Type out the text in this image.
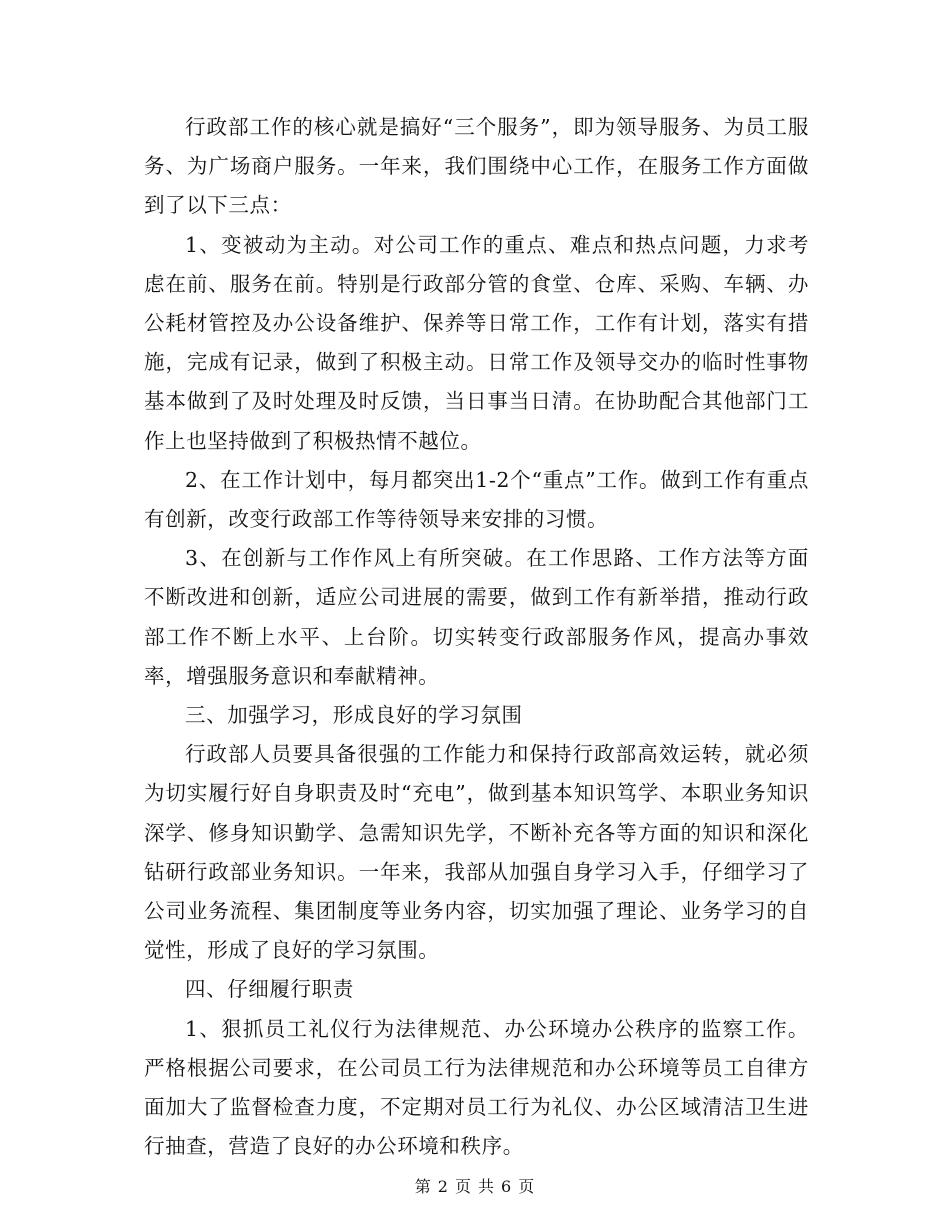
行政部工作的核心就是搞好“三个服务”，即为领导服务、为员工服务、为广场商户服务。一年来，我们围绕中心工作，在服务工作方面做到了以下三点：

1、变被动为主动。对公司工作的重点、难点和热点问题，力求考虑在前、服务在前。特别是行政部分管的食堂、仓库、采购、车辆、办公耗材管控及办公设备维护、保养等日常工作，工作有计划，落实有措施，完成有记录，做到了积极主动。日常工作及领导交办的临时性事物基本做到了及时处理及时反馈，当日事当日清。在协助配合其他部门工作上也坚持做到了积极热情不越位。

2、在工作计划中，每月都突出1-2个“重点”工作。做到工作有重点有创新，改变行政部工作等待领导来安排的习惯。

3、在创新与工作作风上有所突破。在工作思路、工作方法等方面不断改进和创新，适应公司进展的需要，做到工作有新举措，推动行政部工作不断上水平、上台阶。切实转变行政部服务作风，提高办事效率，增强服务意识和奉献精神。

三、加强学习，形成良好的学习氛围

行政部人员要具备很强的工作能力和保持行政部高效运转，就必须为切实履行好自身职责及时“充电”，做到基本知识笃学、本职业务知识深学、修身知识勤学、急需知识先学，不断补充各等方面的知识和深化钻研行政部业务知识。一年来，我部从加强自身学习入手，仔细学习了公司业务流程、集团制度等业务内容，切实加强了理论、业务学习的自觉性，形成了良好的学习氛围。

四、仔细履行职责

1、狠抓员工礼仪行为法律规范、办公环境办公秩序的监察工作。严格根据公司要求，在公司员工行为法律规范和办公环境等员工自律方面加大了监督检查力度，不定期对员工行为礼仪、办公区域清洁卫生进行抽查，营造了良好的办公环境和秩序。

第 2 页 共 6 页
